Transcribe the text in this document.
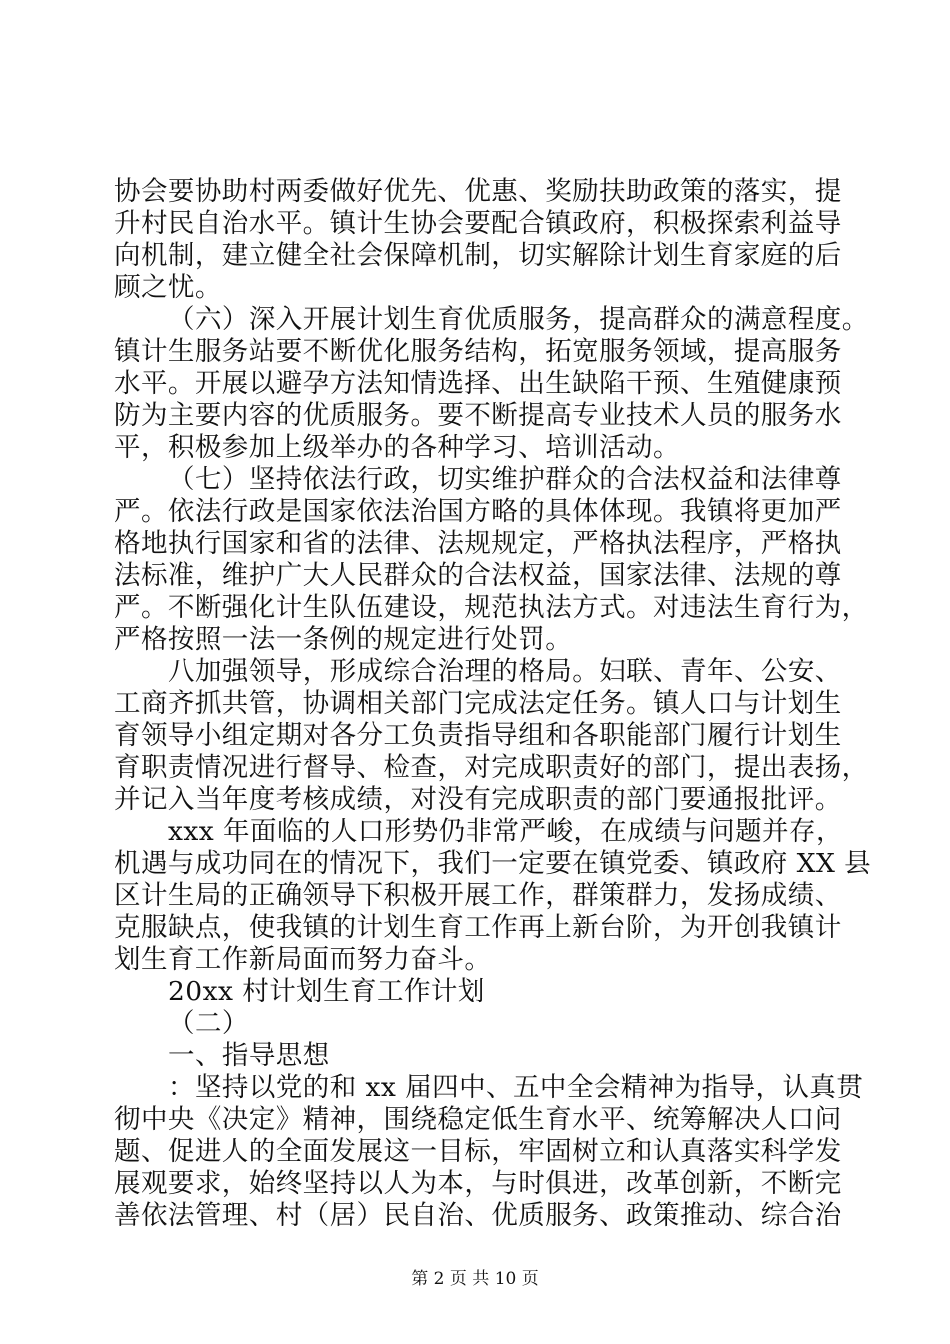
协会要协助村两委做好优先、优惠、奖励扶助政策的落实，提
升村民自治水平。镇计生协会要配合镇政府，积极探索利益导
向机制，建立健全社会保障机制，切实解除计划生育家庭的后
顾之忧。
（六）深入开展计划生育优质服务，提高群众的满意程度。
镇计生服务站要不断优化服务结构，拓宽服务领域，提高服务
水平。开展以避孕方法知情选择、出生缺陷干预、生殖健康预
防为主要内容的优质服务。要不断提高专业技术人员的服务水
平，积极参加上级举办的各种学习、培训活动。
（七）坚持依法行政，切实维护群众的合法权益和法律尊
严。依法行政是国家依法治国方略的具体体现。我镇将更加严
格地执行国家和省的法律、法规规定，严格执法程序，严格执
法标准，维护广大人民群众的合法权益，国家法律、法规的尊
严。不断强化计生队伍建设，规范执法方式。对违法生育行为，
严格按照一法一条例的规定进行处罚。
八加强领导，形成综合治理的格局。妇联、青年、公安、
工商齐抓共管，协调相关部门完成法定任务。镇人口与计划生
育领导小组定期对各分工负责指导组和各职能部门履行计划生
育职责情况进行督导、检查，对完成职责好的部门，提出表扬，
并记入当年度考核成绩，对没有完成职责的部门要通报批评。
xxx 年面临的人口形势仍非常严峻，在成绩与问题并存，
机遇与成功同在的情况下，我们一定要在镇党委、镇政府 XX 县
区计生局的正确领导下积极开展工作，群策群力，发扬成绩、
克服缺点，使我镇的计划生育工作再上新台阶，为开创我镇计
划生育工作新局面而努力奋斗。
20xx 村计划生育工作计划
（二）
一、指导思想
：坚持以党的和 xx 届四中、五中全会精神为指导，认真贯
彻中央《决定》精神，围绕稳定低生育水平、统筹解决人口问
题、促进人的全面发展这一目标，牢固树立和认真落实科学发
展观要求，始终坚持以人为本，与时俱进，改革创新，不断完
善依法管理、村（居）民自治、优质服务、政策推动、综合治
第 2 页 共 10 页
